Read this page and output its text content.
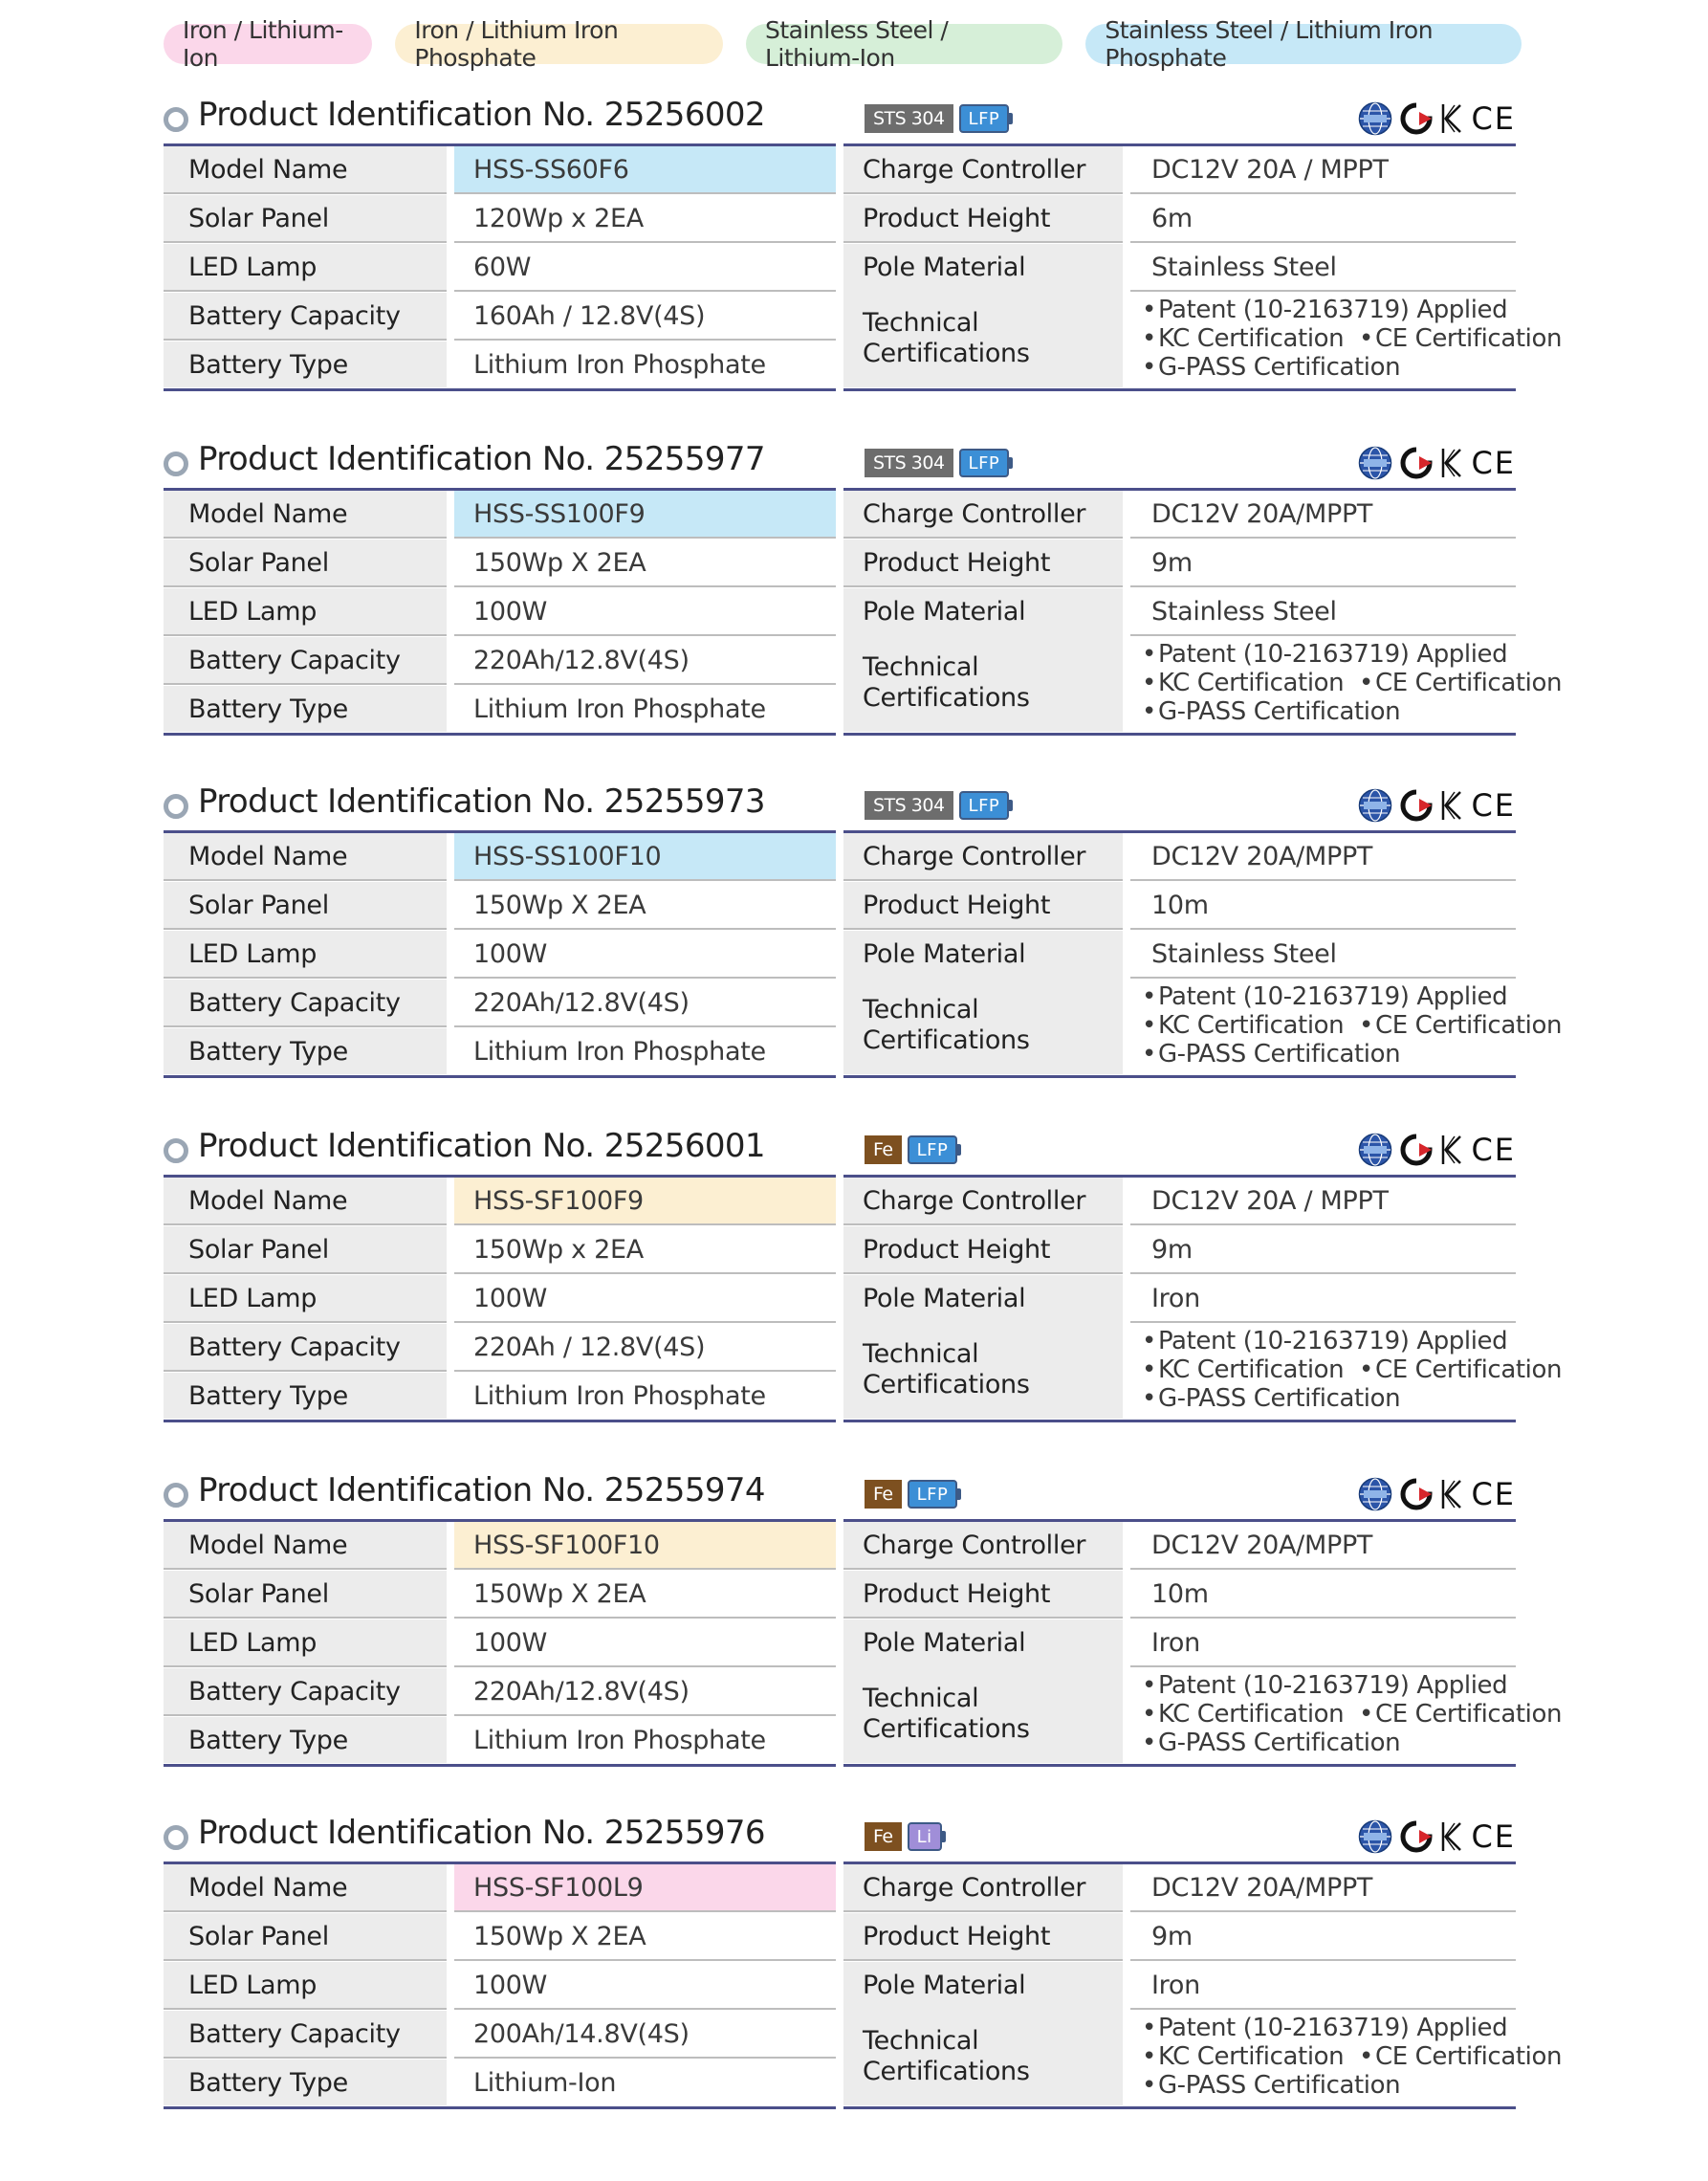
Iron / Lithium-Ion
Iron / Lithium Iron Phosphate
Stainless Steel / Lithium-Ion
Stainless Steel / Lithium Iron Phosphate
Product Identification No. 25256002	STS 304	LFP	CE
Model Name	HSS-SS60F6
Solar Panel	120Wp x 2EA
LED Lamp	60W
Battery Capacity	160Ah / 12.8V(4S)
Battery Type	Lithium Iron Phosphate
Charge Controller	DC12V 20A / MPPT
Product Height	6m
Pole Material	Stainless Steel
Technical
Certifications
•Patent (10-2163719) Applied
•KC Certification •CE Certification
•G-PASS Certification
Product Identification No. 25255977	STS 304	LFP	CE
Model Name	HSS-SS100F9
Solar Panel	150Wp X 2EA
LED Lamp	100W
Battery Capacity	220Ah/12.8V(4S)
Battery Type	Lithium Iron Phosphate
Charge Controller	DC12V 20A/MPPT
Product Height	9m
Pole Material	Stainless Steel
Technical
Certifications
•Patent (10-2163719) Applied
•KC Certification •CE Certification
•G-PASS Certification
Product Identification No. 25255973	STS 304	LFP	CE
Model Name	HSS-SS100F10
Solar Panel	150Wp X 2EA
LED Lamp	100W
Battery Capacity	220Ah/12.8V(4S)
Battery Type	Lithium Iron Phosphate
Charge Controller	DC12V 20A/MPPT
Product Height	10m
Pole Material	Stainless Steel
Technical
Certifications
•Patent (10-2163719) Applied
•KC Certification •CE Certification
•G-PASS Certification
Product Identification No. 25256001	Fe	LFP	CE
Model Name	HSS-SF100F9
Solar Panel	150Wp x 2EA
LED Lamp	100W
Battery Capacity	220Ah / 12.8V(4S)
Battery Type	Lithium Iron Phosphate
Charge Controller	DC12V 20A / MPPT
Product Height	9m
Pole Material	Iron
Technical
Certifications
•Patent (10-2163719) Applied
•KC Certification •CE Certification
•G-PASS Certification
Product Identification No. 25255974	Fe	LFP	CE
Model Name	HSS-SF100F10
Solar Panel	150Wp X 2EA
LED Lamp	100W
Battery Capacity	220Ah/12.8V(4S)
Battery Type	Lithium Iron Phosphate
Charge Controller	DC12V 20A/MPPT
Product Height	10m
Pole Material	Iron
Technical
Certifications
•Patent (10-2163719) Applied
•KC Certification •CE Certification
•G-PASS Certification
Product Identification No. 25255976	Fe	Li	CE
Model Name	HSS-SF100L9
Solar Panel	150Wp X 2EA
LED Lamp	100W
Battery Capacity	200Ah/14.8V(4S)
Battery Type	Lithium-Ion
Charge Controller	DC12V 20A/MPPT
Product Height	9m
Pole Material	Iron
Technical
Certifications
•Patent (10-2163719) Applied
•KC Certification •CE Certification
•G-PASS Certification
